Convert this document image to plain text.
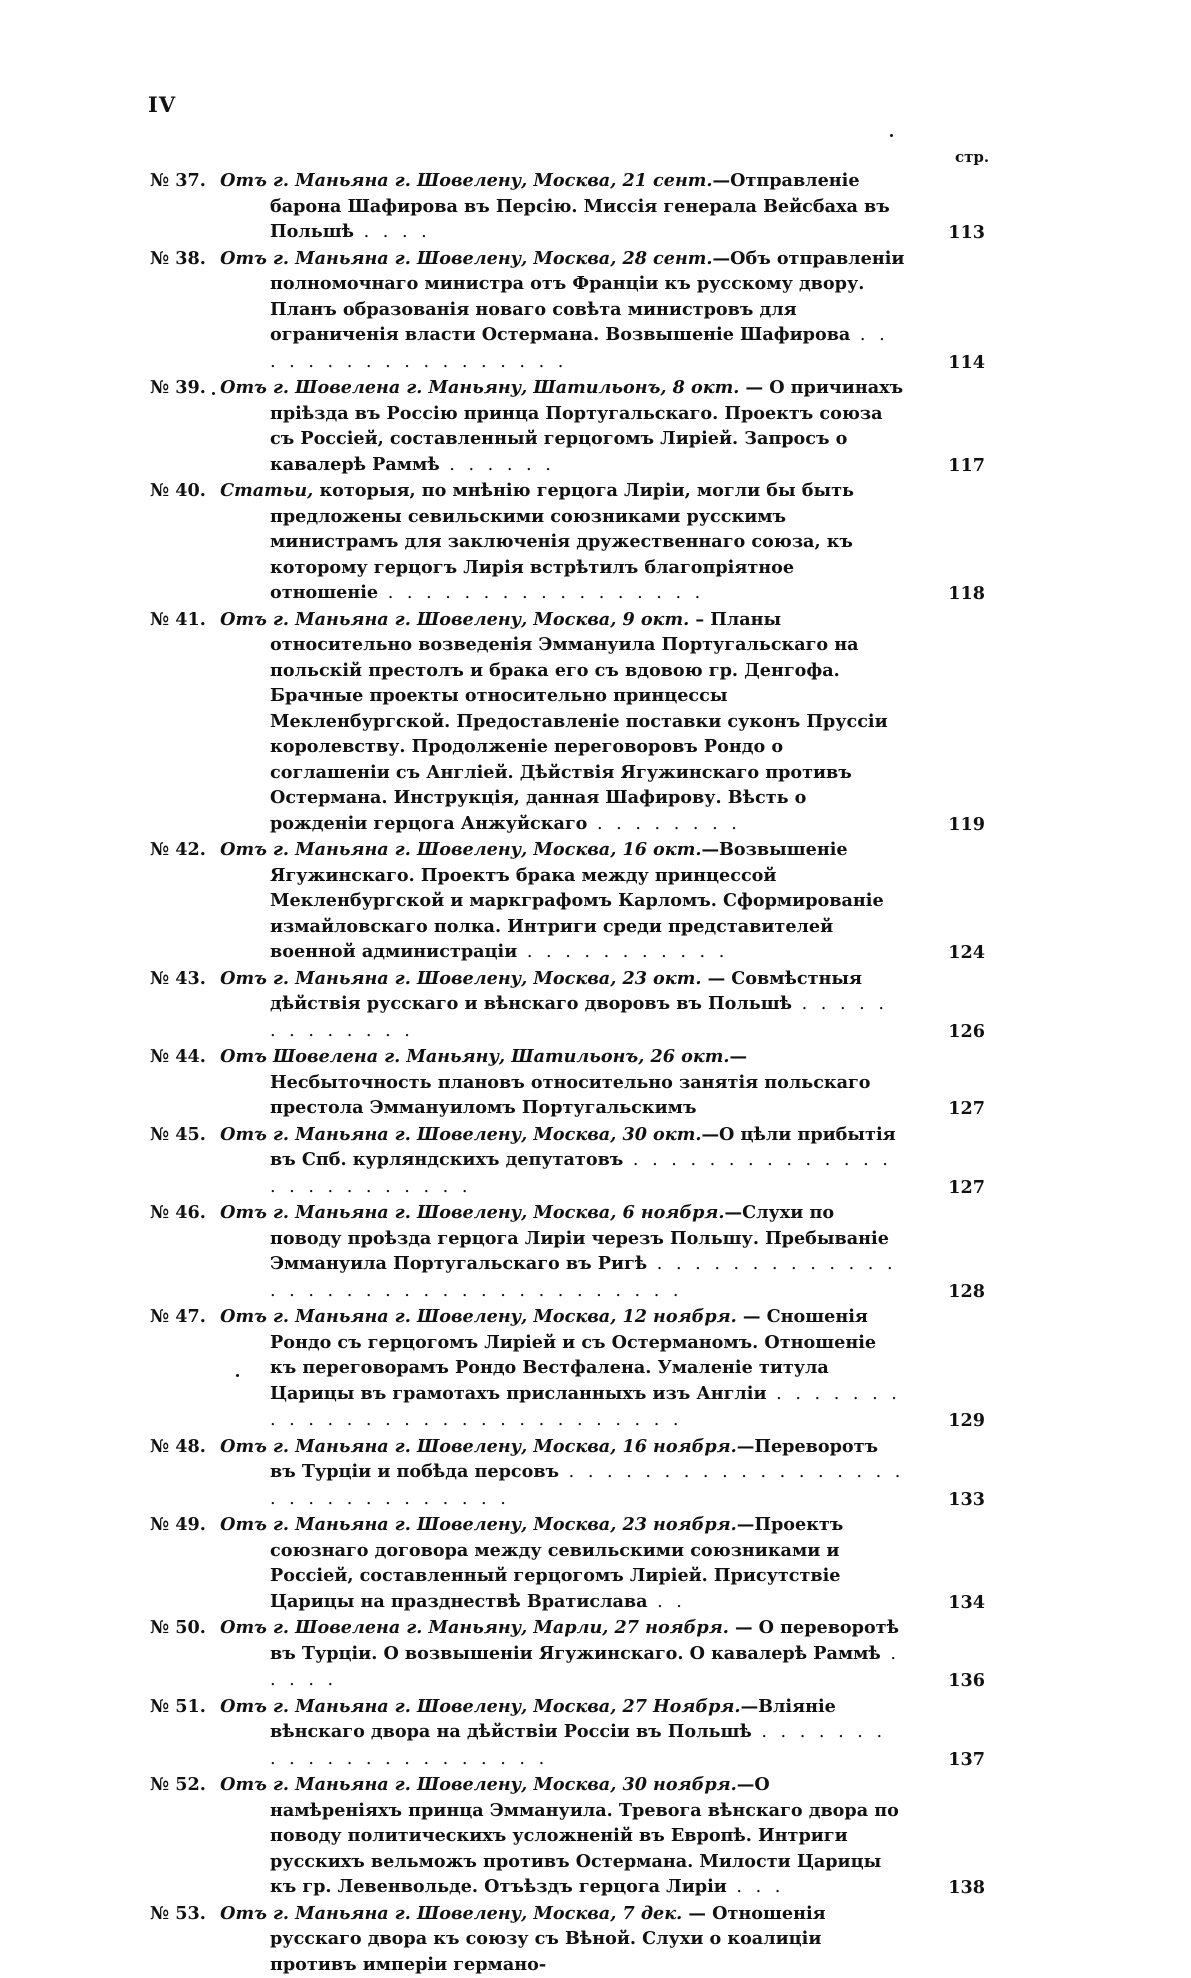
IV
стр.
№ 37. Отъ г. Маньяна г. Шовелену, Москва, 21 сент.—Отправленіе барона Шафирова въ Персію. Миссія генерала Вейсбаха въ Польшѣ . . . .	113
№ 38. Отъ г. Маньяна г. Шовелену, Москва, 28 сент.—Объ отправленіи полномочнаго министра отъ Франціи къ русскому двору. Планъ образованія новаго совѣта министровъ для ограниченія власти Остермана. Возвышеніе Шафирова . . . . . . . . . . . . . . . . . .	114
№ 39. Отъ г. Шовелена г. Маньяну, Шатильонъ, 8 окт. — О причинахъ пріѣзда въ Россію принца Португальскаго. Проектъ союза съ Россіей, составленный герцогомъ Лиріей. Запросъ о кавалерѣ Раммѣ . . . . . .	117
№ 40. Статьи, которыя, по мнѣнію герцога Лиріи, могли бы быть предложены севильскими союзниками русскимъ министрамъ для заключенія дружественнаго союза, къ которому герцогъ Лирія встрѣтилъ благопріятное отношеніе . . . . . . . . . . . . . . . . .	118
№ 41. Отъ г. Маньяна г. Шовелену, Москва, 9 окт. – Планы относительно возведенія Эммануила Португальскаго на польскій престолъ и брака его съ вдовою гр. Денгофа. Брачные проекты относительно принцессы Мекленбургской. Предоставленіе поставки суконъ Пруссіи королевству. Продолженіе переговоровъ Рондо о соглашеніи съ Англіей. Дѣйствія Ягужинскаго противъ Остермана. Инструкція, данная Шафирову. Вѣсть о рожденіи герцога Анжуйскаго . . . . . . . .	119
№ 42. Отъ г. Маньяна г. Шовелену, Москва, 16 окт.—Возвышеніе Ягужинскаго. Проектъ брака между принцессой Мекленбургской и маркграфомъ Карломъ. Сформированіе измайловскаго полка. Интриги среди представителей военной администраціи . . . . . . . . . . .	124
№ 43. Отъ г. Маньяна г. Шовелену, Москва, 23 окт. — Совмѣстныя дѣйствія русскаго и вѣнскаго дворовъ въ Польшѣ . . . . . . . . . . . . .	126
№ 44. Отъ Шовелена г. Маньяну, Шатильонъ, 26 окт.—Несбыточность плановъ относительно занятія польскаго престола Эммануиломъ Португальскимъ	127
№ 45. Отъ г. Маньяна г. Шовелену, Москва, 30 окт.—О цѣли прибытія въ Спб. курляндскихъ депутатовъ . . . . . . . . . . . . . . . . . . . . . . . . .	127
№ 46. Отъ г. Маньяна г. Шовелену, Москва, 6 ноября.—Слухи по поводу проѣзда герцога Лиріи черезъ Польшу. Пребываніе Эммануила Португальскаго въ Ригѣ . . . . . . . . . . . . . . . . . . . . . . . . . . . . . . . . . . .	128
№ 47. Отъ г. Маньяна г. Шовелену, Москва, 12 ноября. — Сношенія Рондо съ герцогомъ Лиріей и съ Остерманомъ. Отношеніе къ переговорамъ Рондо Вестфалена. Умаленіе титула Царицы въ грамотахъ присланныхъ изъ Англіи . . . . . . . . . . . . . . . . . . . . . . . . . . . . .	129
№ 48. Отъ г. Маньяна г. Шовелену, Москва, 16 ноября.—Переворотъ въ Турціи и побѣда персовъ . . . . . . . . . . . . . . . . . . . . . . . . . . . . . . .	133
№ 49. Отъ г. Маньяна г. Шовелену, Москва, 23 ноября.—Проектъ союзнаго договора между севильскими союзниками и Россіей, составленный герцогомъ Лиріей. Присутствіе Царицы на празднествѣ Вратислава . .	134
№ 50. Отъ г. Шовелена г. Маньяну, Марли, 27 ноября. — О переворотѣ въ Турціи. О возвышеніи Ягужинскаго. О кавалерѣ Раммѣ . . . . .	136
№ 51. Отъ г. Маньяна г. Шовелену, Москва, 27 Ноября.—Вліяніе вѣнскаго двора на дѣйствіи Россіи въ Польшѣ . . . . . . . . . . . . . . . . . . . . . .	137
№ 52. Отъ г. Маньяна г. Шовелену, Москва, 30 ноября.—О намѣреніяхъ принца Эммануила. Тревога вѣнскаго двора по поводу политическихъ усложненій въ Европѣ. Интриги русскихъ вельможъ противъ Остермана. Милости Царицы къ гр. Левенвольде. Отъѣздъ герцога Лиріи . . .	138
№ 53. Отъ г. Маньяна г. Шовелену, Москва, 7 дек. — Отношенія русскаго двора къ союзу съ Вѣной. Слухи о коалиціи противъ имперіи германо-
